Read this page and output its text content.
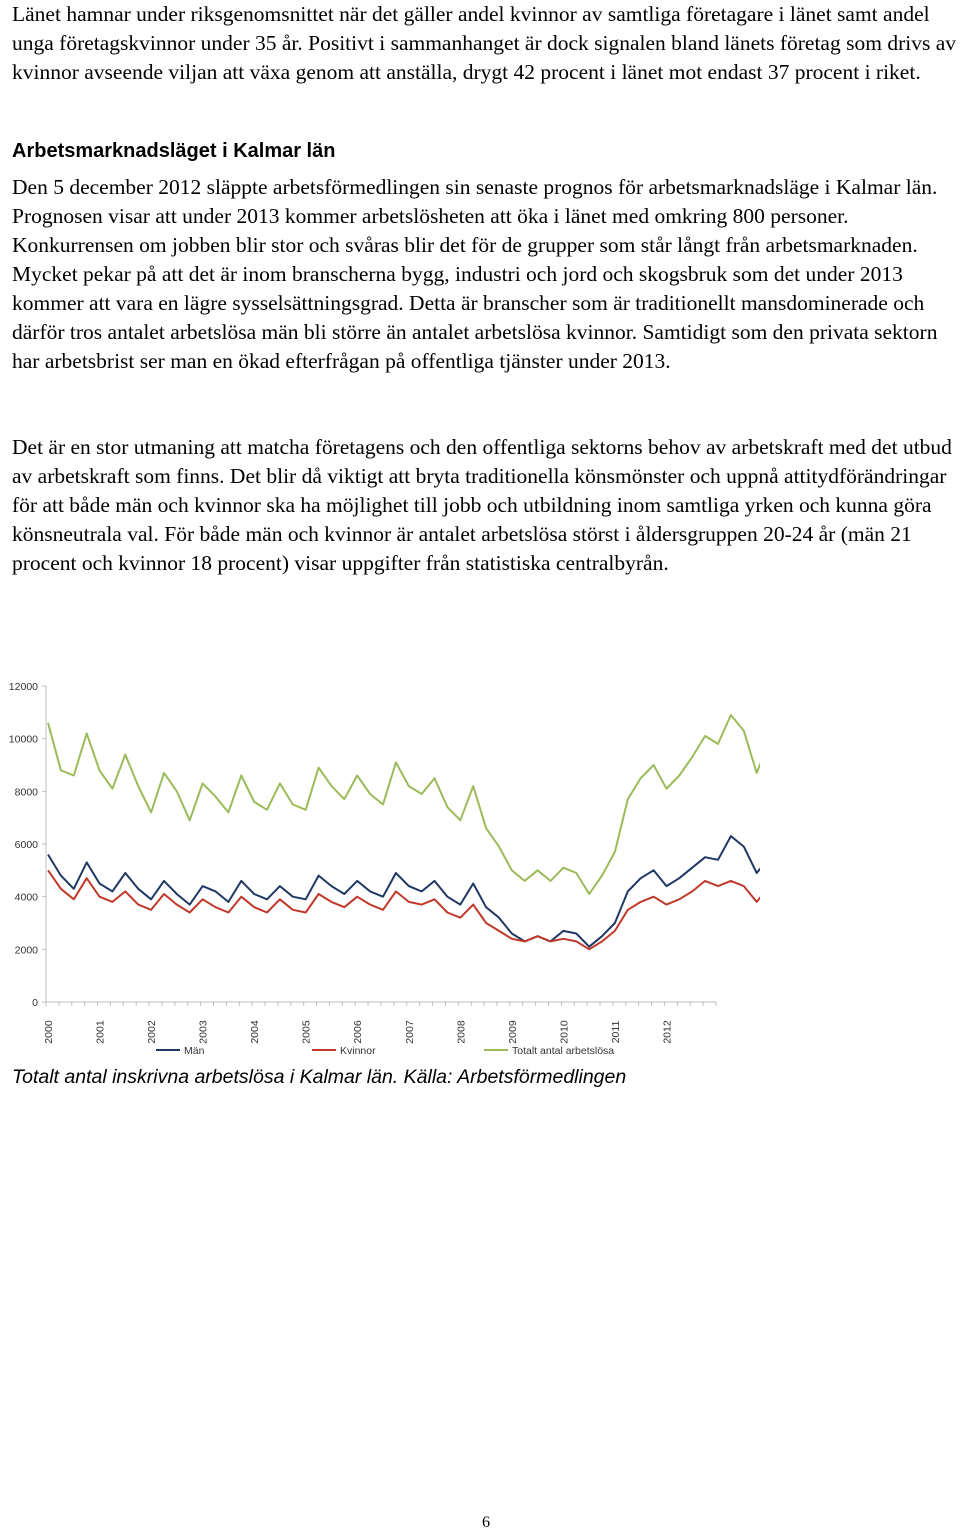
Länet hamnar under riksgenomsnittet när det gäller andel kvinnor av samtliga företagare i länet samt andel unga företagskvinnor under 35 år. Positivt i sammanhanget är dock signalen bland länets företag som drivs av kvinnor avseende viljan att växa genom att anställa, drygt 42 procent i länet mot endast 37 procent i riket.

Arbetsmarknadsläget i Kalmar län

Den 5 december 2012 släppte arbetsförmedlingen sin senaste prognos för arbetsmarknadsläge i Kalmar län. Prognosen visar att under 2013 kommer arbetslösheten att öka i länet med omkring 800 personer. Konkurrensen om jobben blir stor och svåras blir det för de grupper som står långt från arbetsmarknaden. Mycket pekar på att det är inom branscherna bygg, industri och jord och skogsbruk som det under 2013 kommer att vara en lägre sysselsättningsgrad. Detta är branscher som är traditionellt mansdominerade och därför tros antalet arbetslösa män bli större än antalet arbetslösa kvinnor. Samtidigt som den privata sektorn har arbetsbrist ser man en ökad efterfrågan på offentliga tjänster under 2013.

Det är en stor utmaning att matcha företagens och den offentliga sektorns behov av arbetskraft med det utbud av arbetskraft som finns. Det blir då viktigt att bryta traditionella könsmönster och uppnå attitydförändringar för att både män och kvinnor ska ha möjlighet till jobb och utbildning inom samtliga yrken och kunna göra könsneutrala val. För både män och kvinnor är antalet arbetslösa störst i åldersgruppen 20-24 år (män 21 procent och kvinnor 18 procent) visar uppgifter från statistiska centralbyrån.

0
2000
4000
6000
8000
10000
12000
2000	2001	2002	2003	2004	2005	2006	2007	2008	2009	2010	2011	2012
Män	Kvinnor	Totalt antal arbetslösa

Totalt antal inskrivna arbetslösa i Kalmar län. Källa: Arbetsförmedlingen

6
